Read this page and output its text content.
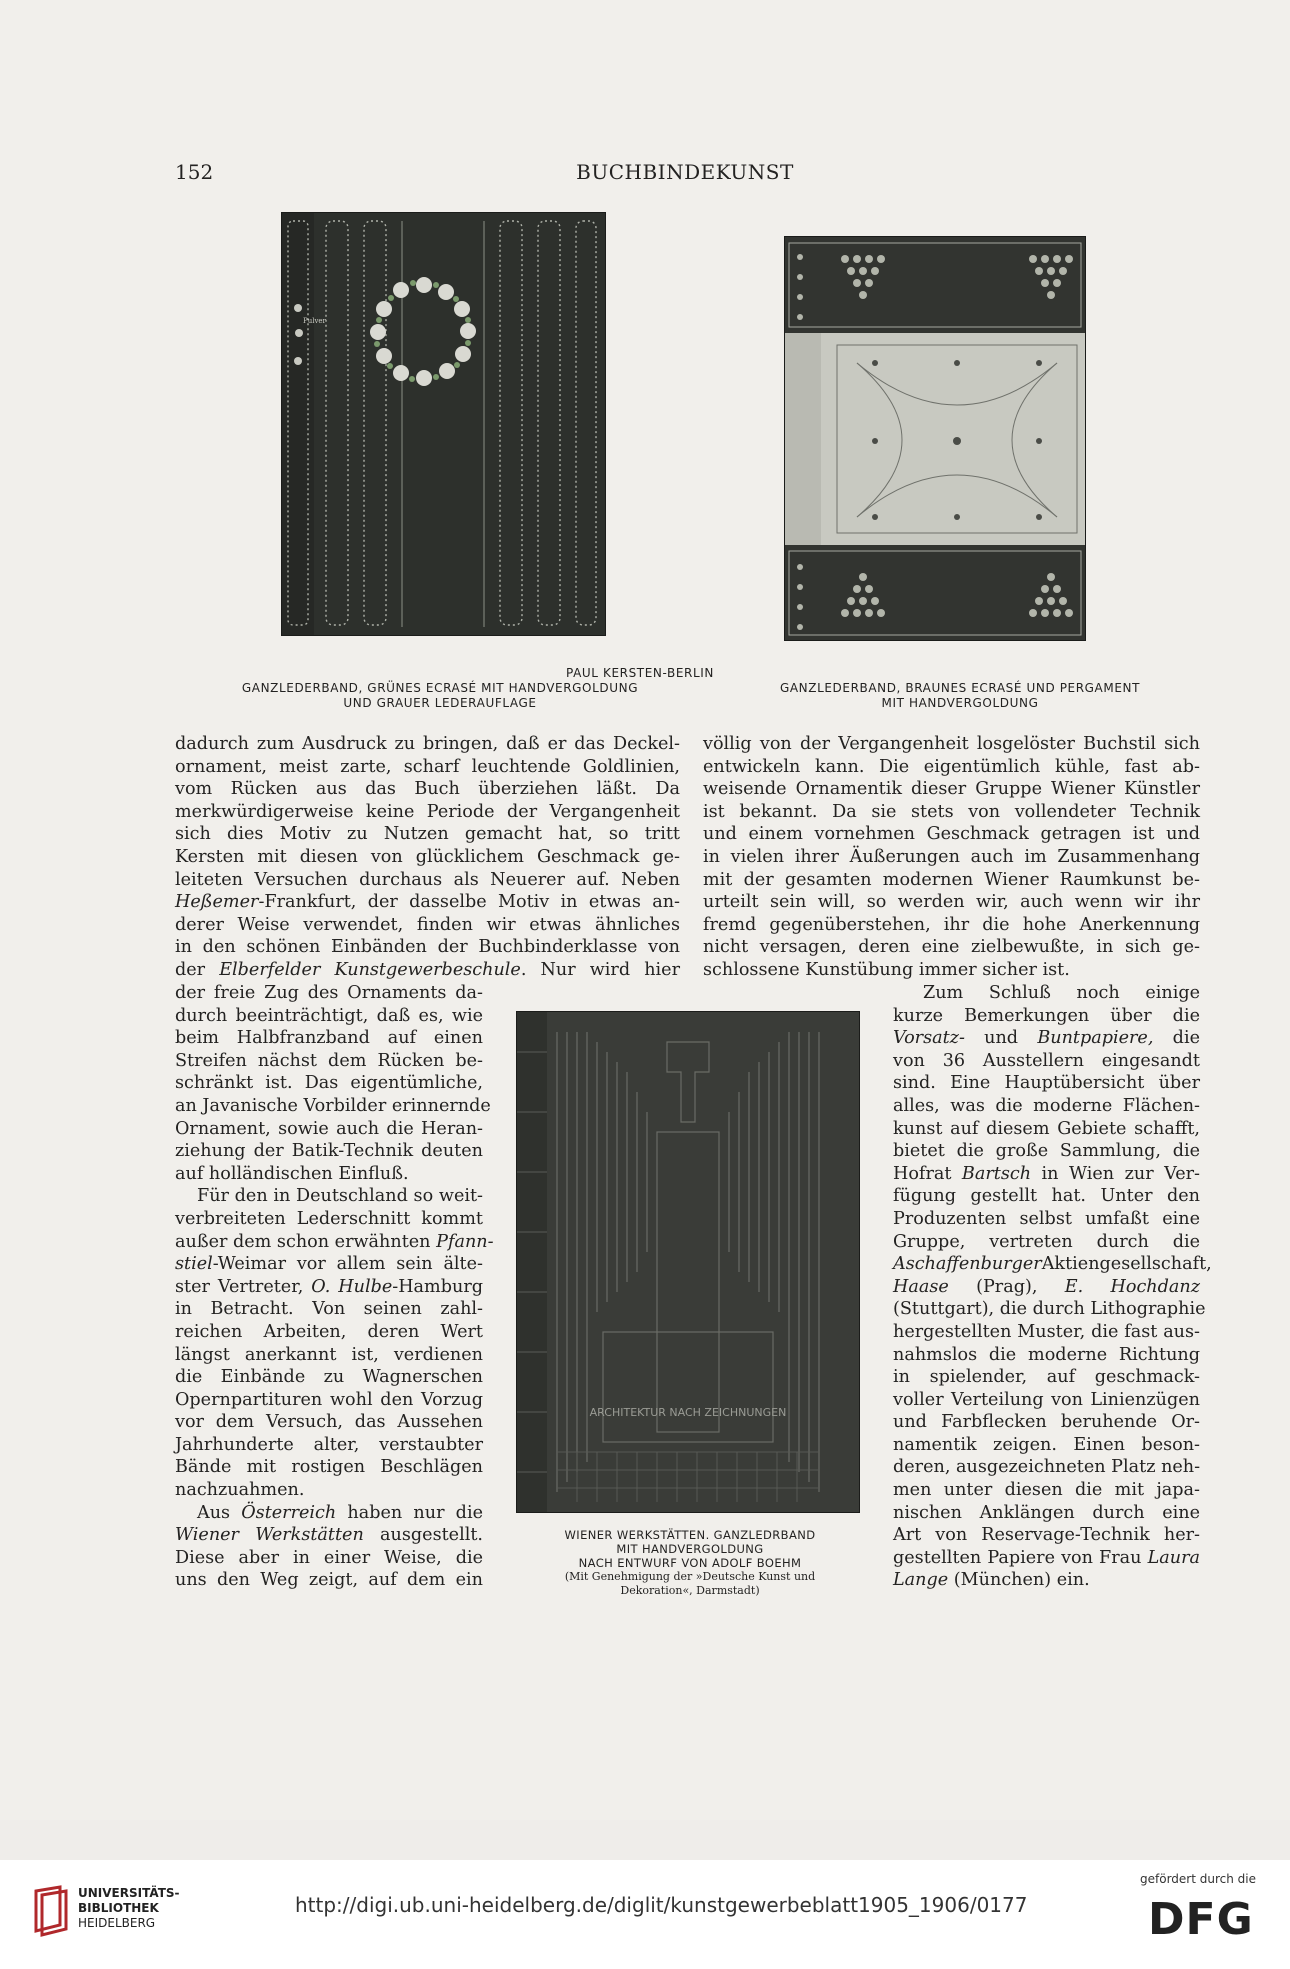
152	BUCHBINDEKUNST
Pulver
PAUL KERSTEN-BERLIN
GANZLEDERBAND, GRÜNES ECRASÉ MIT HANDVERGOLDUNG
UND GRAUER LEDERAUFLAGE
GANZLEDERBAND, BRAUNES ECRASÉ UND PERGAMENT
MIT HANDVERGOLDUNG
dadurch zum Ausdruck zu bringen, daß er das Deckel-
ornament, meist zarte, scharf leuchtende Goldlinien,
vom Rücken aus das Buch überziehen läßt. Da
merkwürdigerweise keine Periode der Vergangenheit
sich dies Motiv zu Nutzen gemacht hat, so tritt
Kersten mit diesen von glücklichem Geschmack ge-
leiteten Versuchen durchaus als Neuerer auf. Neben
Heßemer-Frankfurt, der dasselbe Motiv in etwas an-
derer Weise verwendet, finden wir etwas ähnliches
in den schönen Einbänden der Buchbinderklasse von
der Elberfelder Kunstgewerbeschule. Nur wird hier
der freie Zug des Ornaments da-
durch beeinträchtigt, daß es, wie
beim Halbfranzband auf einen
Streifen nächst dem Rücken be-
schränkt ist. Das eigentümliche,
an Javanische Vorbilder erinnernde
Ornament, sowie auch die Heran-
ziehung der Batik-Technik deuten
auf holländischen Einfluß.
Für den in Deutschland so weit-
verbreiteten Lederschnitt kommt
außer dem schon erwähnten Pfann-
stiel-Weimar vor allem sein älte-
ster Vertreter, O. Hulbe-Hamburg
in Betracht. Von seinen zahl-
reichen Arbeiten, deren Wert
längst anerkannt ist, verdienen
die Einbände zu Wagnerschen
Opernpartituren wohl den Vorzug
vor dem Versuch, das Aussehen
Jahrhunderte alter, verstaubter
Bände mit rostigen Beschlägen
nachzuahmen.
Aus Österreich haben nur die
Wiener Werkstätten ausgestellt.
Diese aber in einer Weise, die
uns den Weg zeigt, auf dem ein
ARCHITEKTUR NACH ZEICHNUNGEN
WIENER WERKSTÄTTEN. GANZLEDRBAND
MIT HANDVERGOLDUNG
NACH ENTWURF VON ADOLF BOEHM
(Mit Genehmigung der »Deutsche Kunst und
Dekoration«, Darmstadt)
völlig von der Vergangenheit losgelöster Buchstil sich
entwickeln kann. Die eigentümlich kühle, fast ab-
weisende Ornamentik dieser Gruppe Wiener Künstler
ist bekannt. Da sie stets von vollendeter Technik
und einem vornehmen Geschmack getragen ist und
in vielen ihrer Äußerungen auch im Zusammenhang
mit der gesamten modernen Wiener Raumkunst be-
urteilt sein will, so werden wir, auch wenn wir ihr
fremd gegenüberstehen, ihr die hohe Anerkennung
nicht versagen, deren eine zielbewußte, in sich ge-
schlossene Kunstübung immer sicher ist.
Zum Schluß noch einige
kurze Bemerkungen über die
Vorsatz- und Buntpapiere, die
von 36 Ausstellern eingesandt
sind. Eine Hauptübersicht über
alles, was die moderne Flächen-
kunst auf diesem Gebiete schafft,
bietet die große Sammlung, die
Hofrat Bartsch in Wien zur Ver-
fügung gestellt hat. Unter den
Produzenten selbst umfaßt eine
Gruppe, vertreten durch die
AschaffenburgerAktiengesellschaft,
Haase (Prag), E. Hochdanz
(Stuttgart), die durch Lithographie
hergestellten Muster, die fast aus-
nahmslos die moderne Richtung
in spielender, auf geschmack-
voller Verteilung von Linienzügen
und Farbflecken beruhende Or-
namentik zeigen. Einen beson-
deren, ausgezeichneten Platz neh-
men unter diesen die mit japa-
nischen Anklängen durch eine
Art von Reservage-Technik her-
gestellten Papiere von Frau Laura
Lange (München) ein.
UNIVERSITÄTS-
BIBLIOTHEK
HEIDELBERG
http://digi.ub.uni-heidelberg.de/diglit/kunstgewerbeblatt1905_1906/0177
gefördert durch die
DFG
